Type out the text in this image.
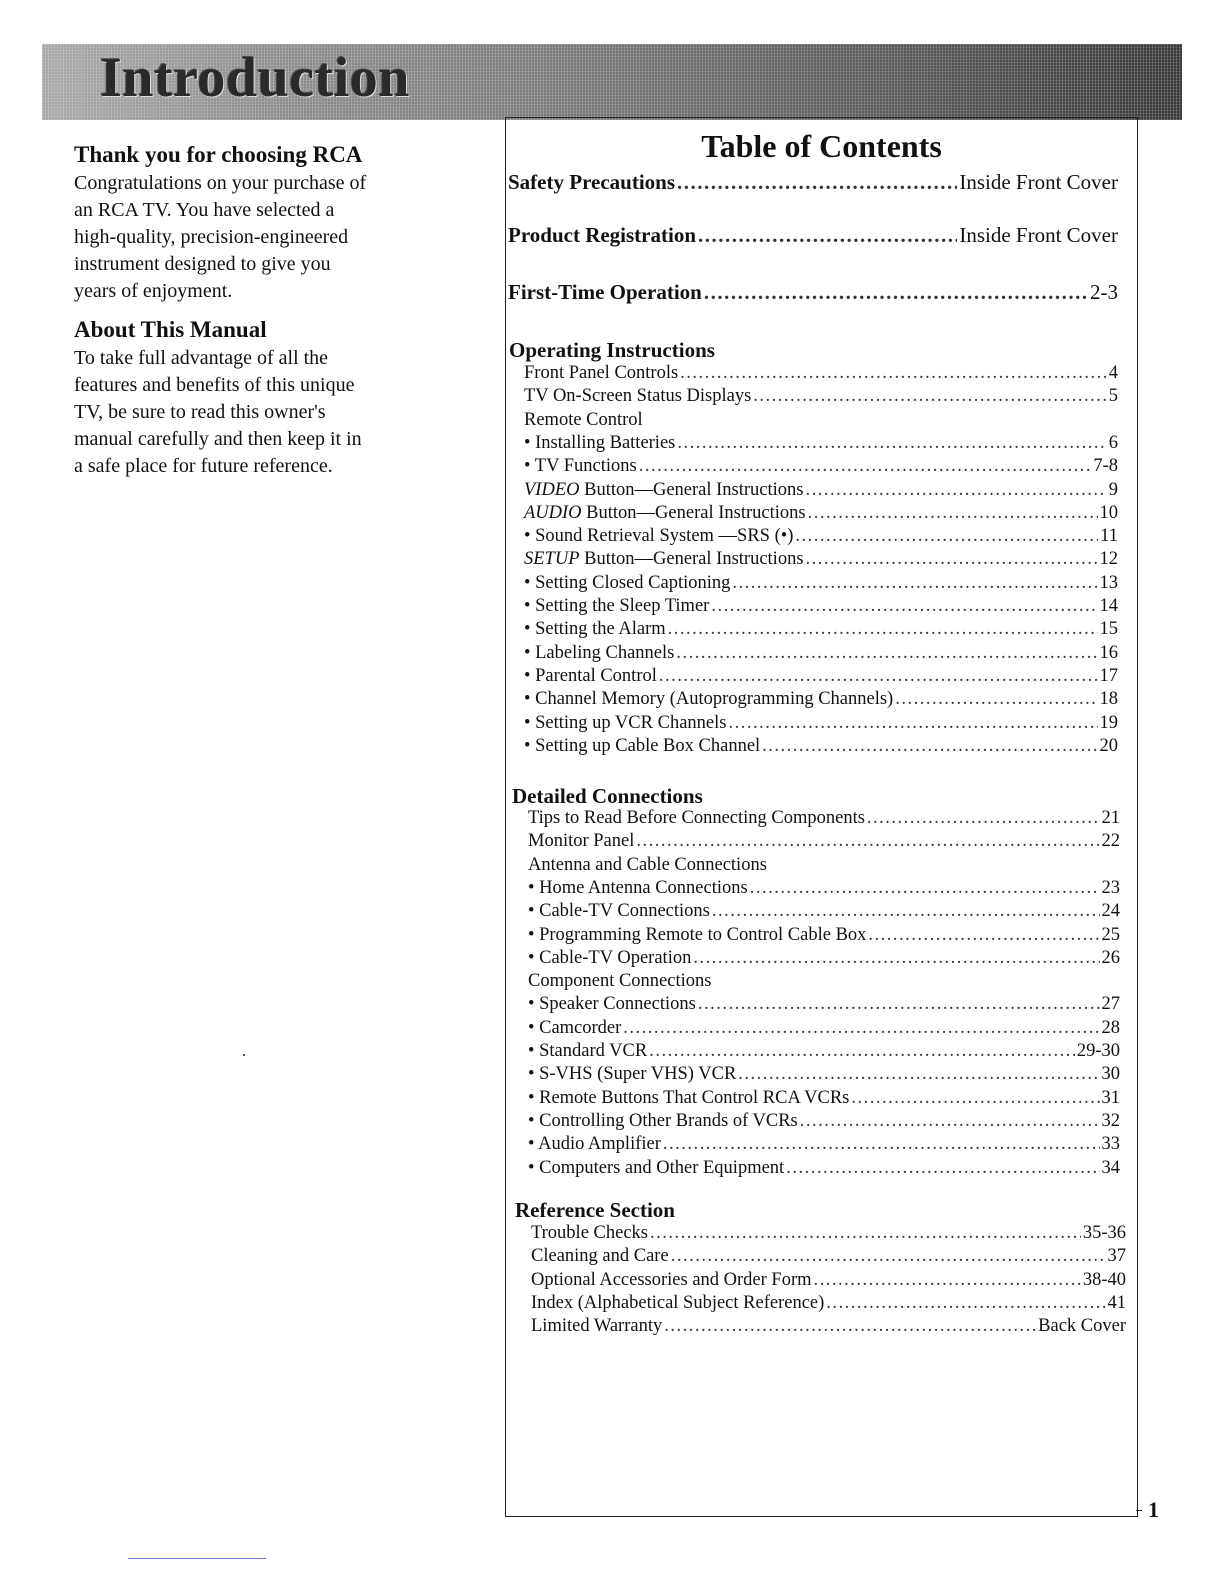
Introduction
Thank you for choosing RCA

Congratulations on your purchase of

an RCA TV. You have selected a

high-quality, precision-engineered

instrument designed to give you

years of enjoyment.

About This Manual

To take full advantage of all the

features and benefits of this unique

TV, be sure to read this owner's

manual carefully and then keep it in

a safe place for future reference.

Table of Contents
Safety Precautions .....	Inside Front Cover
Product Registration .....	Inside Front Cover
First-Time Operation .....	2-3
Operating Instructions
Front Panel Controls .....	4
TV On-Screen Status Displays .....	5
Remote Control
• Installing Batteries .....	6
• TV Functions .....	7-8
VIDEO Button—General Instructions .....	9
AUDIO Button—General Instructions .....	10
• Sound Retrieval System —SRS (•) .....	11
SETUP Button—General Instructions .....	12
• Setting Closed Captioning .....	13
• Setting the Sleep Timer .....	14
• Setting the Alarm .....	15
• Labeling Channels .....	16
• Parental Control .....	17
• Channel Memory (Autoprogramming Channels) .....	18
• Setting up VCR Channels .....	19
• Setting up Cable Box Channel .....	20
Detailed Connections
Tips to Read Before Connecting Components .....	21
Monitor Panel .....	22
Antenna and Cable Connections
• Home Antenna Connections .....	23
• Cable-TV Connections .....	24
• Programming Remote to Control Cable Box .....	25
• Cable-TV Operation .....	26
Component Connections
• Speaker Connections .....	27
• Camcorder .....	28
• Standard VCR .....	29-30
• S-VHS (Super VHS) VCR .....	30
• Remote Buttons That Control RCA VCRs .....	31
• Controlling Other Brands of VCRs .....	32
• Audio Amplifier .....	33
• Computers and Other Equipment .....	34
Reference Section
Trouble Checks .....	35-36
Cleaning and Care .....	37
Optional Accessories and Order Form .....	38-40
Index (Alphabetical Subject Reference) .....	41
Limited Warranty .....	Back Cover
1
